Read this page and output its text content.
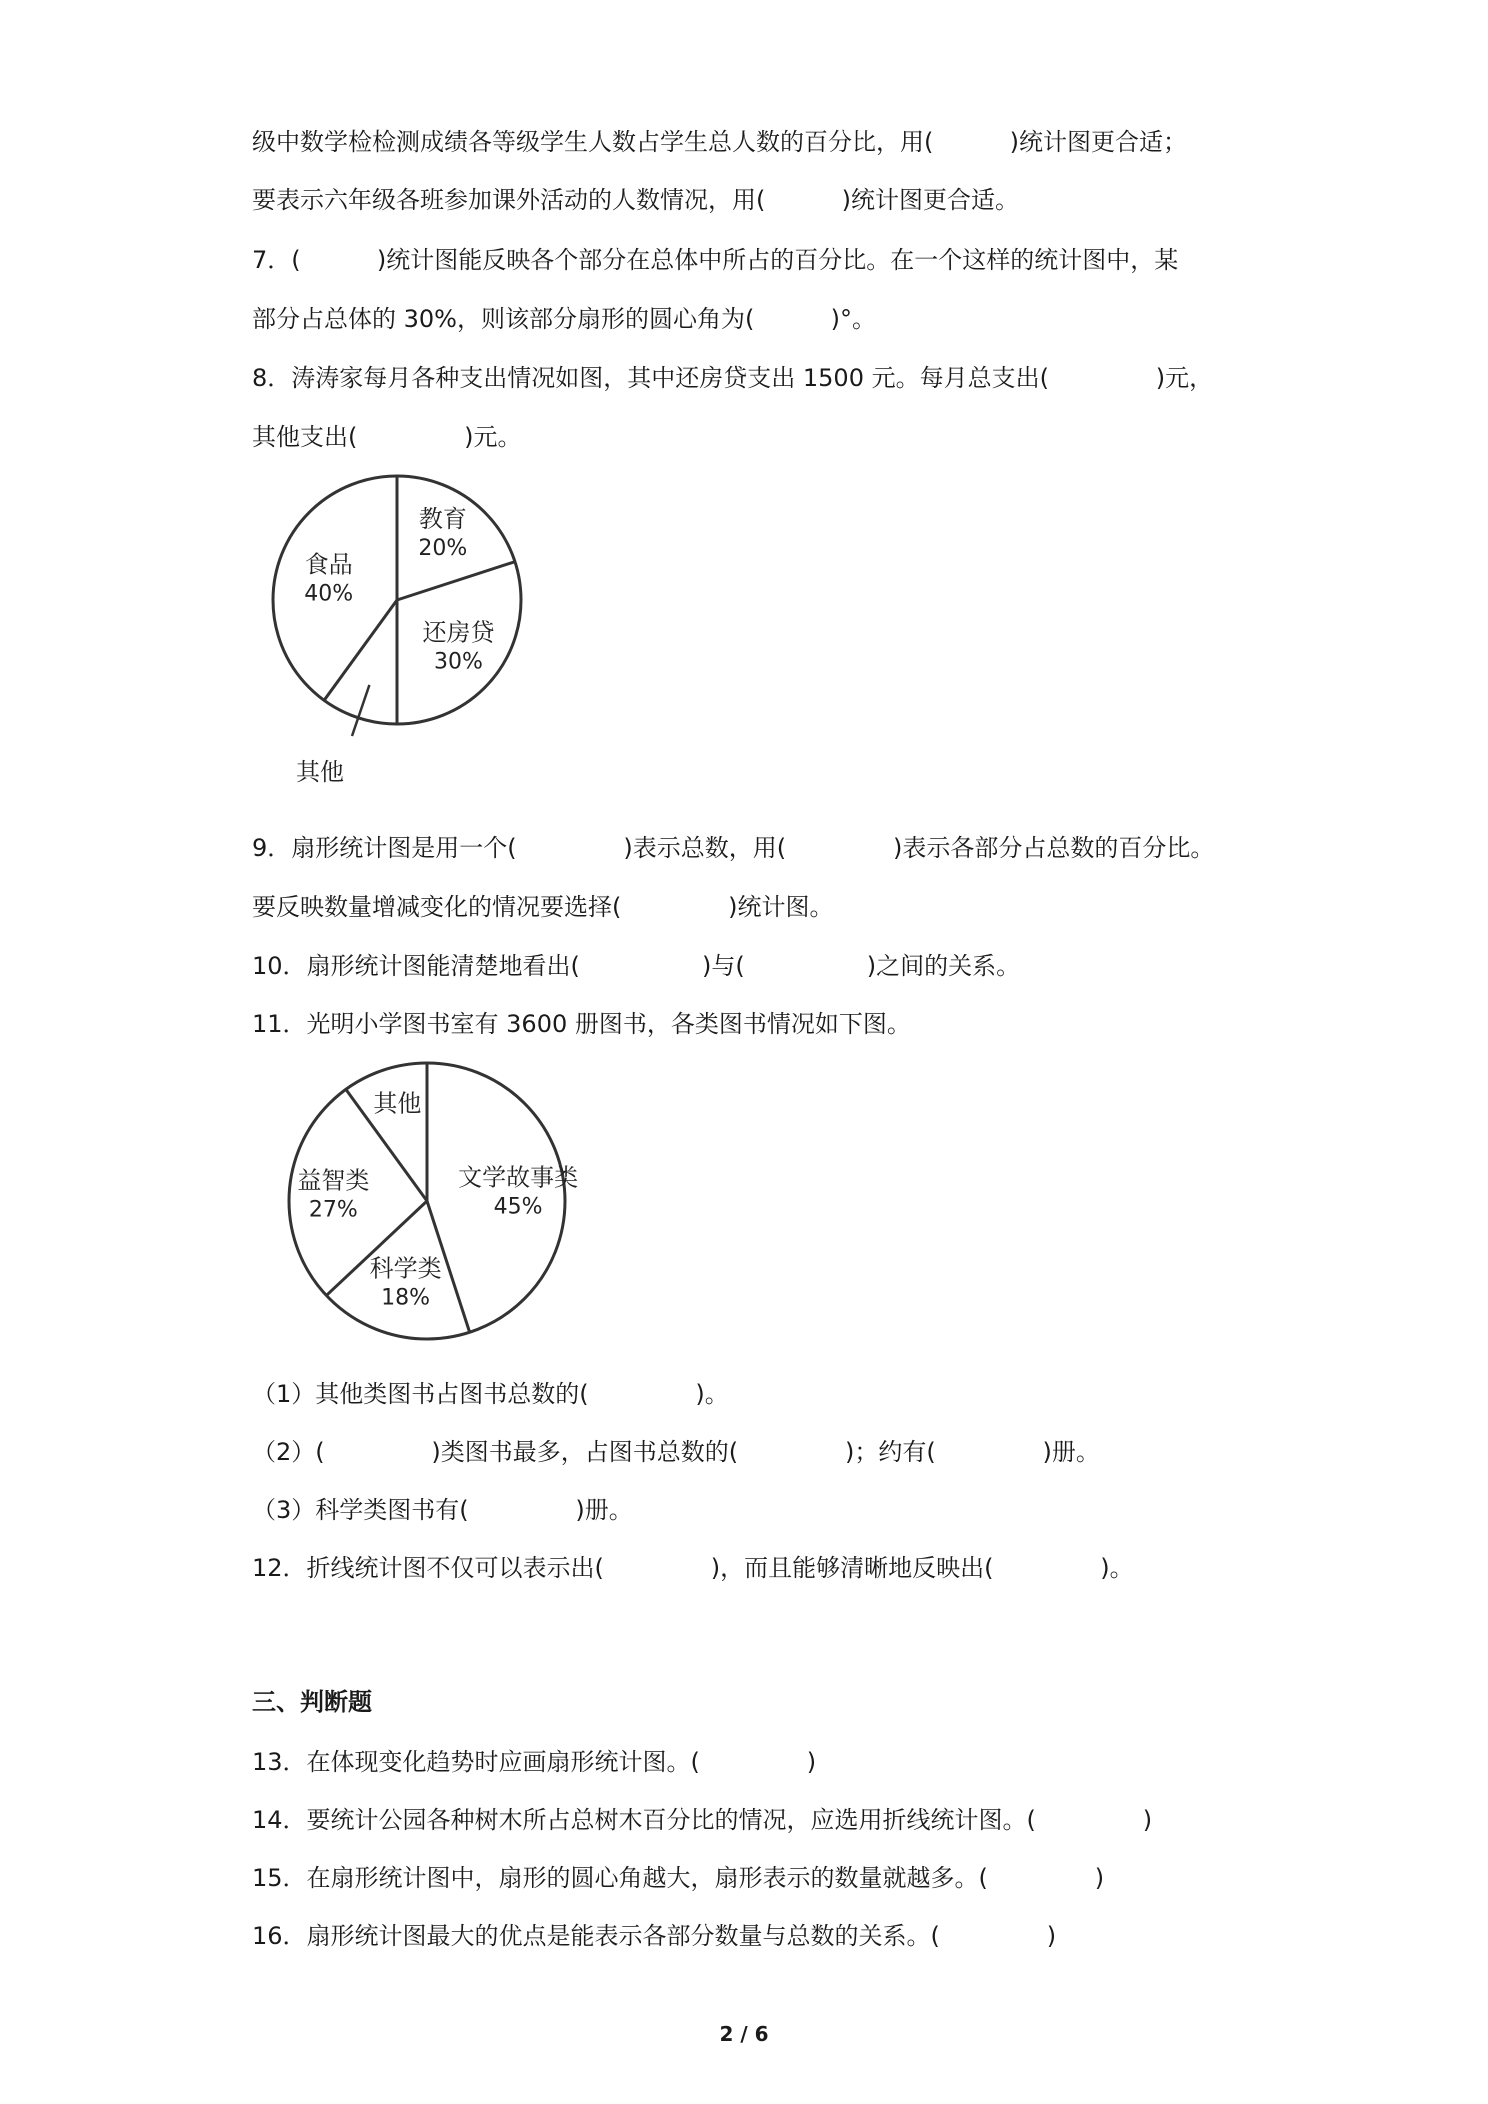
级中数学检检测成绩各等级学生人数占学生总人数的百分比，用(          )统计图更合适；
要表示六年级各班参加课外活动的人数情况，用(          )统计图更合适。
7．(          )统计图能反映各个部分在总体中所占的百分比。在一个这样的统计图中，某
部分占总体的 30%，则该部分扇形的圆心角为(          )°。
8．涛涛家每月各种支出情况如图，其中还房贷支出 1500 元。每月总支出(              )元，
其他支出(              )元。
教育
20%
还房贷
30%
其他
食品
40%
9．扇形统计图是用一个(              )表示总数，用(              )表示各部分占总数的百分比。
要反映数量增减变化的情况要选择(              )统计图。
10．扇形统计图能清楚地看出(                )与(                )之间的关系。
11．光明小学图书室有 3600 册图书，各类图书情况如下图。
文学故事类
45%
科学类
18%
益智类
27%
其他
（1）其他类图书占图书总数的(              )。
（2）(              )类图书最多，占图书总数的(              )；约有(              )册。
（3）科学类图书有(              )册。
12．折线统计图不仅可以表示出(              )，而且能够清晰地反映出(              )。
三、判断题
13．在体现变化趋势时应画扇形统计图。(              )
14．要统计公园各种树木所占总树木百分比的情况，应选用折线统计图。(              )
15．在扇形统计图中，扇形的圆心角越大，扇形表示的数量就越多。(              )
16．扇形统计图最大的优点是能表示各部分数量与总数的关系。(              )
2 / 6
